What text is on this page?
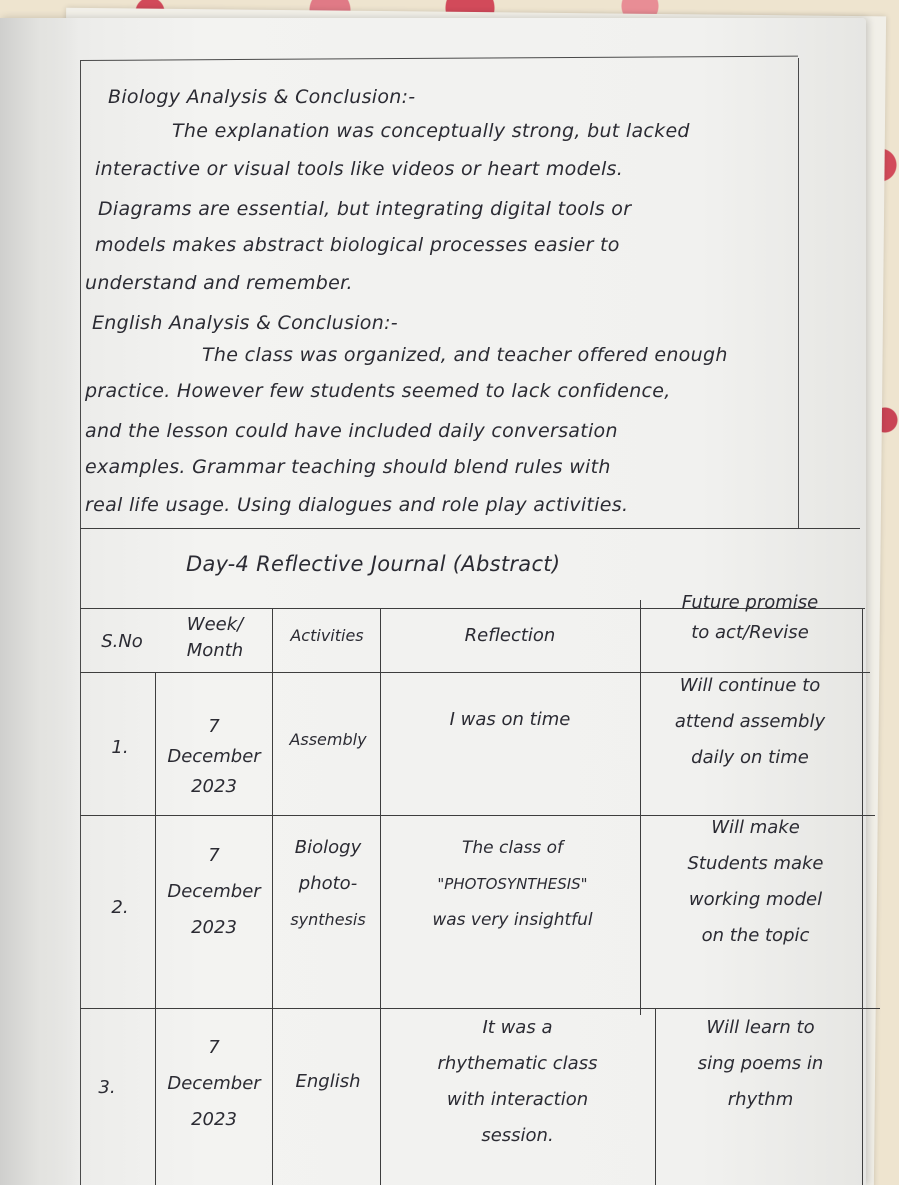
Biology Analysis & Conclusion:-
The explanation was conceptually strong, but lacked
interactive or visual tools like videos or heart models.
Diagrams are essential, but integrating digital tools or
models makes abstract biological processes easier to
understand and remember.
English Analysis & Conclusion:-
The class was organized, and teacher offered enough
practice. However few students seemed to lack confidence,
and the lesson could have included daily conversation
examples. Grammar teaching should blend rules with
real life usage. Using dialogues and role play activities.
Day-4 Reflective Journal (Abstract)
S.No
Week/
Month
Activities	Reflection
Future promise
to act/Revise
1.
7
December
2023
Assembly
I was on time
Will continue to
attend assembly
daily on time
2.
7
December
2023
Biology
photo-
synthesis
The class of
"PHOTOSYNTHESIS"
was very insightful
Will make
Students make
working model
on the topic
3.
7
December
2023
English
It was a
rhythematic class
with interaction
session.
Will learn to
sing poems in
rhythm
